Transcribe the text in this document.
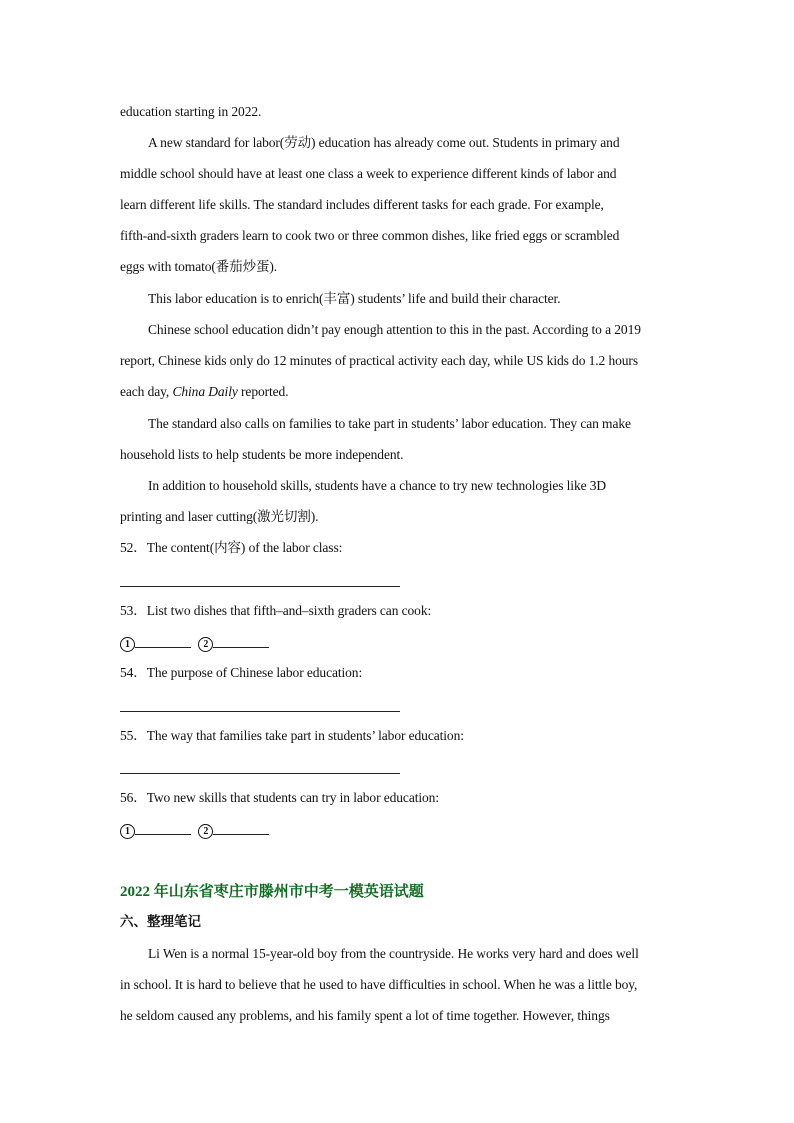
education starting in 2022.
A new standard for labor(劳动) education has already come out. Students in primary and
middle school should have at least one class a week to experience different kinds of labor and
learn different life skills. The standard includes different tasks for each grade. For example,
fifth-and-sixth graders learn to cook two or three common dishes, like fried eggs or scrambled
eggs with tomato(番茄炒蛋).
This labor education is to enrich(丰富) students’ life and build their character.
Chinese school education didn’t pay enough attention to this in the past. According to a 2019
report, Chinese kids only do 12 minutes of practical activity each day, while US kids do 1.2 hours
each day, China Daily reported.
The standard also calls on families to take part in students’ labor education. They can make
household lists to help students be more independent.
In addition to household skills, students have a chance to try new technologies like 3D
printing and laser cutting(激光切割).
52．The content(内容) of the labor class:
53．List two dishes that fifth–and–sixth graders can cook:
1	2
54．The purpose of Chinese labor education:
55．The way that families take part in students’ labor education:
56．Two new skills that students can try in labor education:
1	2
2022 年山东省枣庄市滕州市中考一模英语试题
六、整理笔记
Li Wen is a normal 15-year-old boy from the countryside. He works very hard and does well
in school. It is hard to believe that he used to have difficulties in school. When he was a little boy,
he seldom caused any problems, and his family spent a lot of time together. However, things
